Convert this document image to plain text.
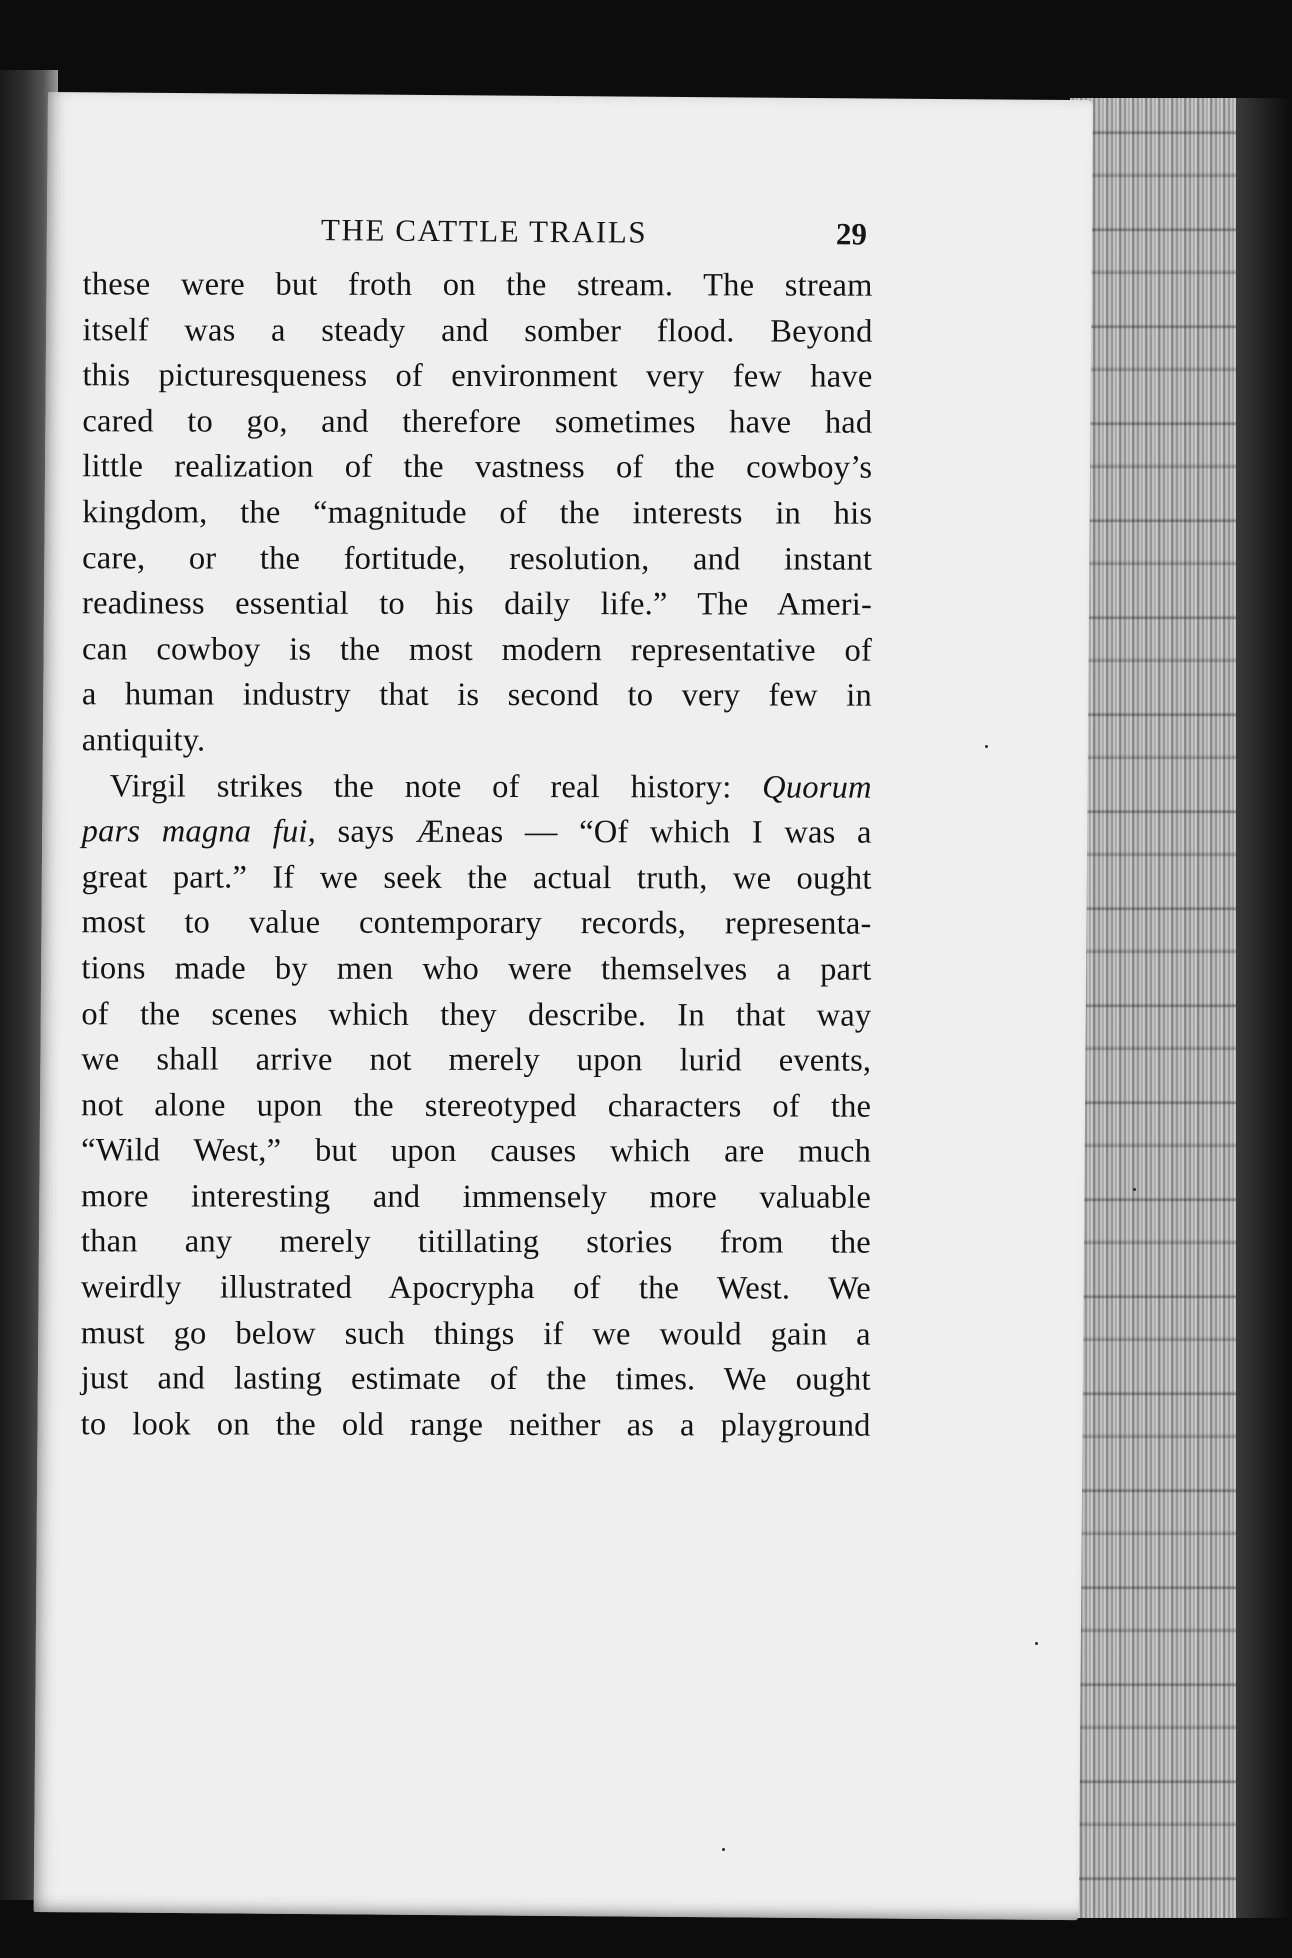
THE CATTLE TRAILS	29
these were but froth on the stream. The stream
itself was a steady and somber flood. Beyond
this picturesqueness of environment very few have
cared to go, and therefore sometimes have had
little realization of the vastness of the cowboy’s
kingdom, the “magnitude of the interests in his
care, or the fortitude, resolution, and instant
readiness essential to his daily life.” The Ameri-
can cowboy is the most modern representative of
a human industry that is second to very few in
antiquity.
Virgil strikes the note of real history: Quorum
pars magna fui, says Æneas — “Of which I was a
great part.” If we seek the actual truth, we ought
most to value contemporary records, representa-
tions made by men who were themselves a part
of the scenes which they describe. In that way
we shall arrive not merely upon lurid events,
not alone upon the stereotyped characters of the
“Wild West,” but upon causes which are much
more interesting and immensely more valuable
than any merely titillating stories from the
weirdly illustrated Apocrypha of the West. We
must go below such things if we would gain a
just and lasting estimate of the times. We ought
to look on the old range neither as a playground
